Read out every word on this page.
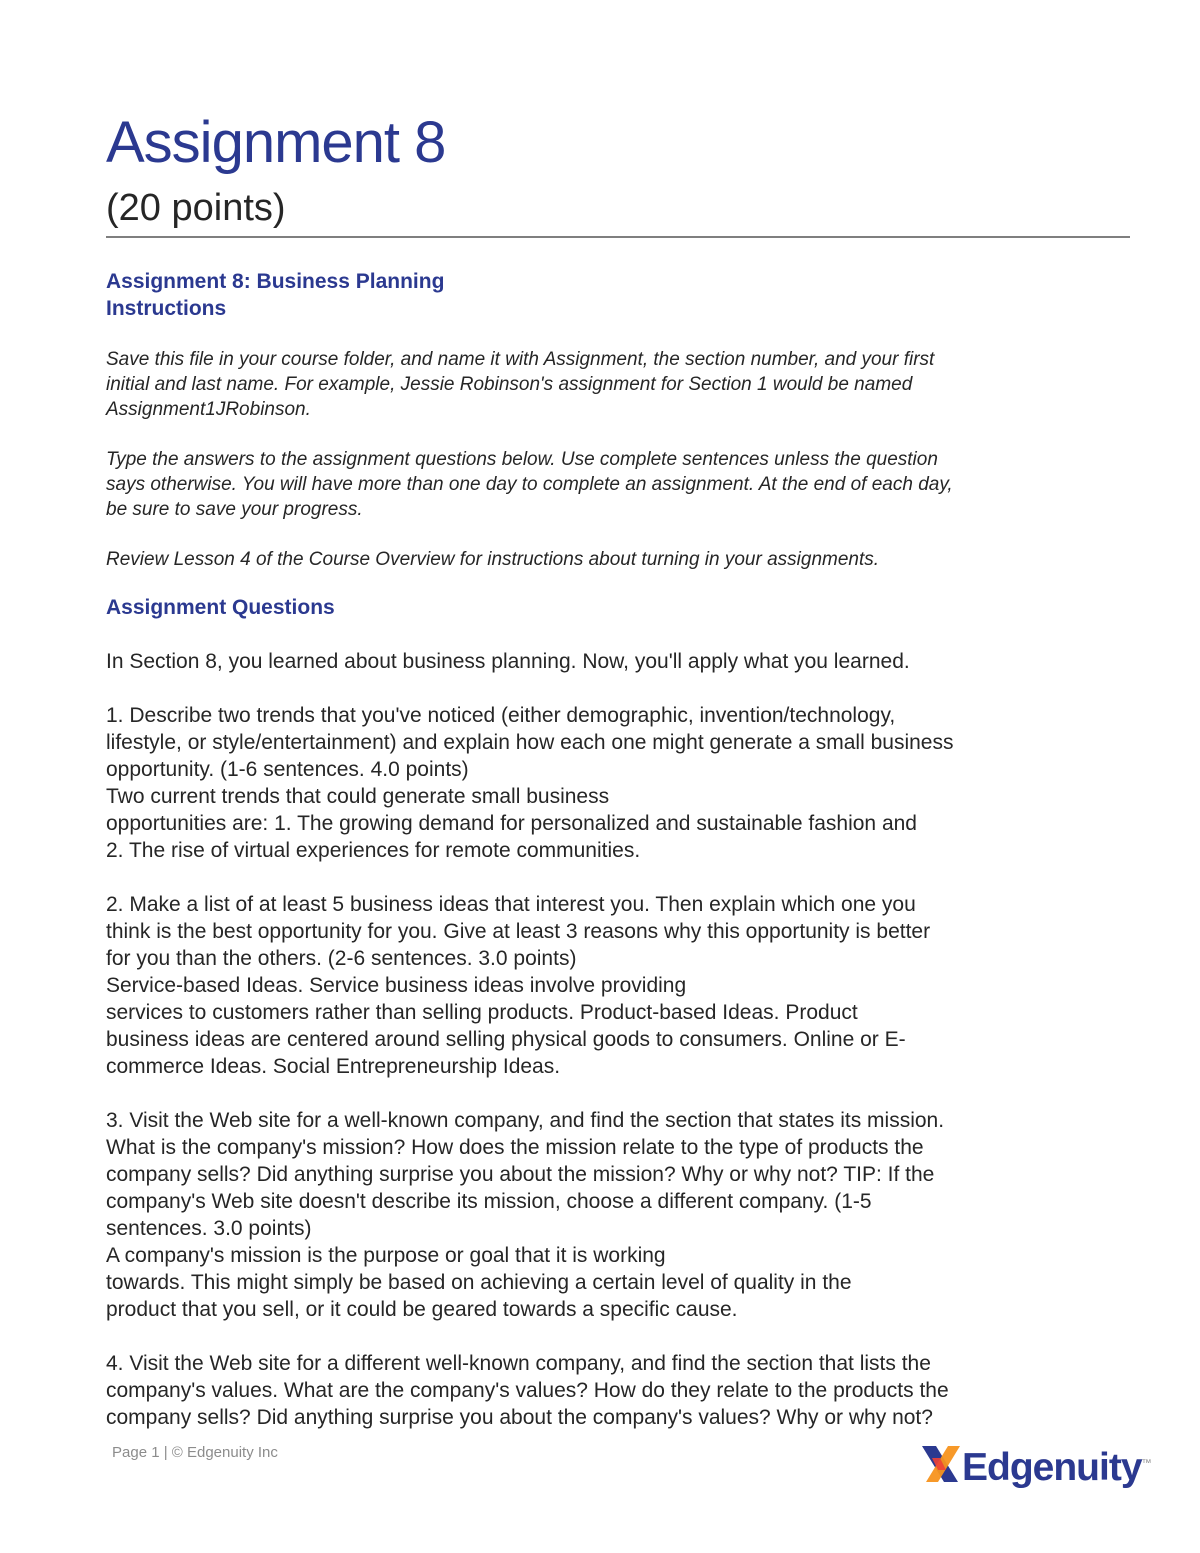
Assignment 8
(20 points)
Assignment 8: Business Planning
Instructions

Save this file in your course folder, and name it with Assignment, the section number, and your first

initial and last name. For example, Jessie Robinson's assignment for Section 1 would be named

Assignment1JRobinson.

Type the answers to the assignment questions below. Use complete sentences unless the question

says otherwise. You will have more than one day to complete an assignment. At the end of each day,

be sure to save your progress.

Review Lesson 4 of the Course Overview for instructions about turning in your assignments.

Assignment Questions

In Section 8, you learned about business planning. Now, you'll apply what you learned.

1. Describe two trends that you've noticed (either demographic, invention/technology,

lifestyle, or style/entertainment) and explain how each one might generate a small business

opportunity. (1-6 sentences. 4.0 points)

Two current trends that could generate small business

opportunities are: 1. The growing demand for personalized and sustainable fashion and

2. The rise of virtual experiences for remote communities.

2. Make a list of at least 5 business ideas that interest you. Then explain which one you

think is the best opportunity for you. Give at least 3 reasons why this opportunity is better

for you than the others. (2-6 sentences. 3.0 points)

Service-based Ideas. Service business ideas involve providing

services to customers rather than selling products. Product-based Ideas. Product

business ideas are centered around selling physical goods to consumers. Online or E-

commerce Ideas. Social Entrepreneurship Ideas.

3. Visit the Web site for a well-known company, and find the section that states its mission.

What is the company's mission? How does the mission relate to the type of products the

company sells? Did anything surprise you about the mission? Why or why not? TIP: If the

company's Web site doesn't describe its mission, choose a different company. (1-5

sentences. 3.0 points)

A company's mission is the purpose or goal that it is working

towards. This might simply be based on achieving a certain level of quality in the

product that you sell, or it could be geared towards a specific cause.

4. Visit the Web site for a different well-known company, and find the section that lists the

company's values. What are the company's values? How do they relate to the products the

company sells? Did anything surprise you about the company's values? Why or why not?

Page 1 | © Edgenuity Inc	Edgenuity™
